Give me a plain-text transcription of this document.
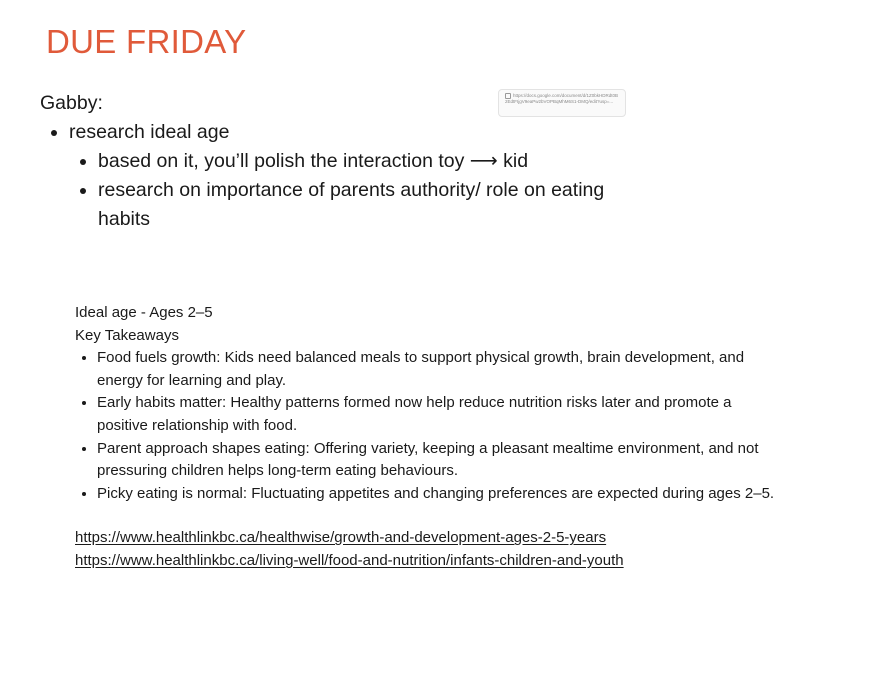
DUE FRIDAY

Gabby:

• research ideal age
• based on it, you’ll polish the interaction toy ⟶ kid
• research on importance of parents authority/ role on eating habits
https://docs.google.com/document/d/1Z0bkHDRdt0B2EdtFIjgV9eaPw2bVOPBqMhM6S1-DMQ/edit?usp=...

Ideal age - Ages 2–5

Key Takeaways

• Food fuels growth: Kids need balanced meals to support physical growth, brain development, and energy for learning and play.
• Early habits matter: Healthy patterns formed now help reduce nutrition risks later and promote a positive relationship with food.
• Parent approach shapes eating: Offering variety, keeping a pleasant mealtime environment, and not pressuring children helps long-term eating behaviours.
• Picky eating is normal: Fluctuating appetites and changing preferences are expected during ages 2–5.
https://www.healthlinkbc.ca/healthwise/growth-and-development-ages-2-5-years
https://www.healthlinkbc.ca/living-well/food-and-nutrition/infants-children-and-youth
